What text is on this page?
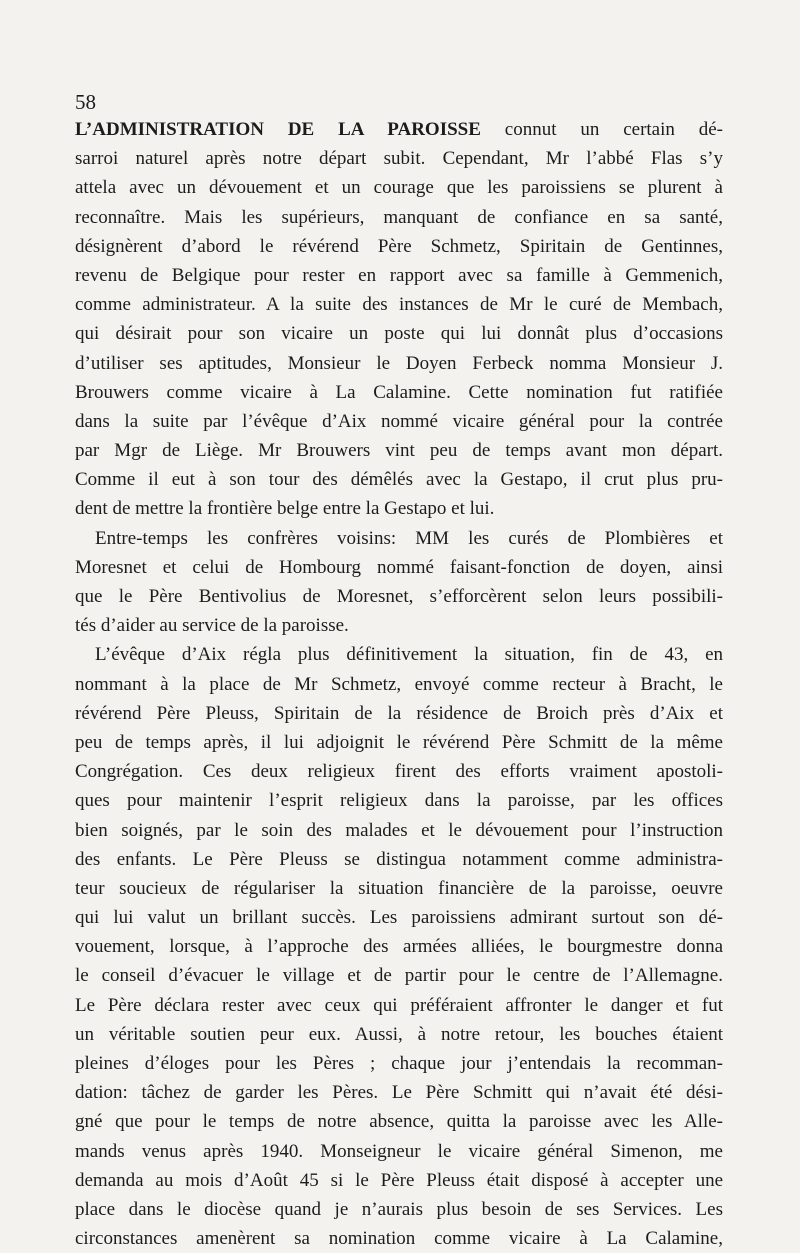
58
L’ADMINISTRATION DE LA PAROISSE connut un certain dé-
sarroi naturel après notre départ subit. Cependant, Mr l’abbé Flas s’y
attela avec un dévouement et un courage que les paroissiens se plurent à
reconnaître. Mais les supérieurs, manquant de confiance en sa santé,
désignèrent d’abord le révérend Père Schmetz, Spiritain de Gentinnes,
revenu de Belgique pour rester en rapport avec sa famille à Gemmenich,
comme administrateur. A la suite des instances de Mr le curé de Membach,
qui désirait pour son vicaire un poste qui lui donnât plus d’occasions
d’utiliser ses aptitudes, Monsieur le Doyen Ferbeck nomma Monsieur J.
Brouwers comme vicaire à La Calamine. Cette nomination fut ratifiée
dans la suite par l’évêque d’Aix nommé vicaire général pour la contrée
par Mgr de Liège. Mr Brouwers vint peu de temps avant mon départ.
Comme il eut à son tour des démêlés avec la Gestapo, il crut plus pru-
dent de mettre la frontière belge entre la Gestapo et lui.
Entre-temps les confrères voisins: MM les curés de Plombières et
Moresnet et celui de Hombourg nommé faisant-fonction de doyen, ainsi
que le Père Bentivolius de Moresnet, s’efforcèrent selon leurs possibili-
tés d’aider au service de la paroisse.
L’évêque d’Aix régla plus définitivement la situation, fin de 43, en
nommant à la place de Mr Schmetz, envoyé comme recteur à Bracht, le
révérend Père Pleuss, Spiritain de la résidence de Broich près d’Aix et
peu de temps après, il lui adjoignit le révérend Père Schmitt de la même
Congrégation. Ces deux religieux firent des efforts vraiment apostoli-
ques pour maintenir l’esprit religieux dans la paroisse, par les offices
bien soignés, par le soin des malades et le dévouement pour l’instruction
des enfants. Le Père Pleuss se distingua notamment comme administra-
teur soucieux de régulariser la situation financière de la paroisse, oeuvre
qui lui valut un brillant succès. Les paroissiens admirant surtout son dé-
vouement, lorsque, à l’approche des armées alliées, le bourgmestre donna
le conseil d’évacuer le village et de partir pour le centre de l’Allemagne.
Le Père déclara rester avec ceux qui préféraient affronter le danger et fut
un véritable soutien peur eux. Aussi, à notre retour, les bouches étaient
pleines d’éloges pour les Pères ; chaque jour j’entendais la recomman-
dation: tâchez de garder les Pères. Le Père Schmitt qui n’avait été dési-
gné que pour le temps de notre absence, quitta la paroisse avec les Alle-
mands venus après 1940. Monseigneur le vicaire général Simenon, me
demanda au mois d’Août 45 si le Père Pleuss était disposé à accepter une
place dans le diocèse quand je n’aurais plus besoin de ses Services. Les
circonstances amenèrent sa nomination comme vicaire à La Calamine,
